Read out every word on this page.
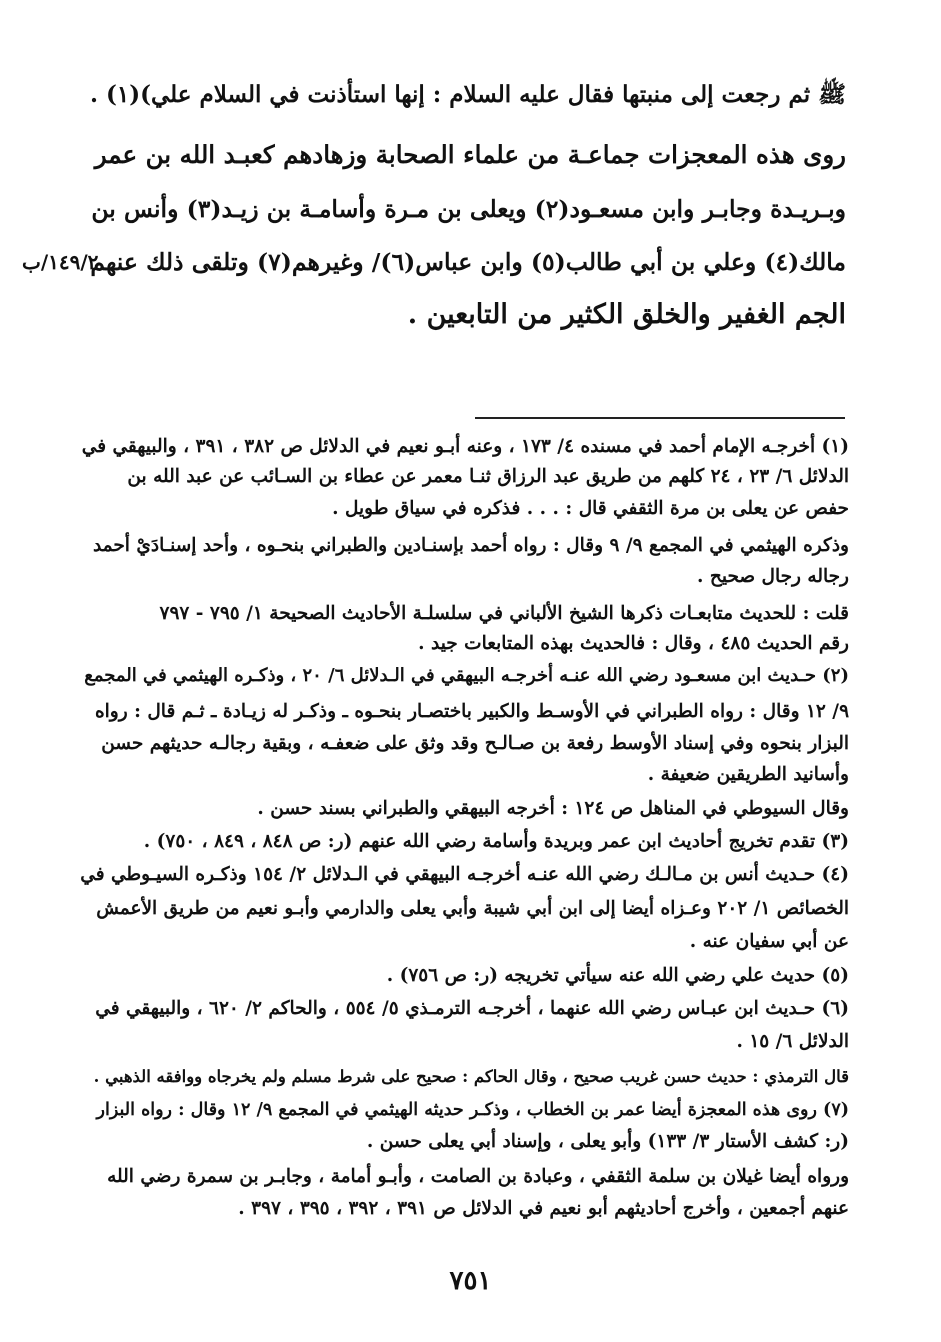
ﷺ ثم رجعت إلى منبتها فقال عليه السلام : إنها استأذنت في السلام علي)(١) .
روى هذه المعجزات جماعـة من علماء الصحابة وزهادهم كعبـد الله بن عمر
وبـريـدة وجابـر وابن مسعـود(٢) ويعلى بن مـرة وأسامـة بن زيـد(٣) وأنس بن
مالك(٤) وعلي بن أبي طالب(٥) وابن عباس(٦)/ وغيرهم(٧) وتلقى ذلك عنهم
الجم الغفير والخلق الكثير من التابعين .
١٤٩/٢/ب
(١) أخرجـه الإمام أحمد في مسنده ٤/ ١٧٣ ، وعنه أبـو نعيم في الدلائل ص ٣٨٢ ، ٣٩١ ، والبيهقي في
الدلائل ٦/ ٢٣ ، ٢٤ كلهم من طريق عبد الرزاق ثنـا معمر عن عطاء بن السـائب عن عبد الله بن
حفص عن يعلى بن مرة الثقفي قال : . . . فذكره في سياق طويل .
وذكره الهيثمي في المجمع ٩/ ٩ وقال : رواه أحمد بإسنـادين والطبراني بنحـوه ، وأحد إسنـادَيْ أحمد
رجاله رجال صحيح .
قلت : للحديث متابعـات ذكرها الشيخ الألباني في سلسلـة الأحاديث الصحيحة ١/ ٧٩٥ - ٧٩٧
رقم الحديث ٤٨٥ ، وقال : فالحديث بهذه المتابعات جيد .
(٢) حـديث ابن مسعـود رضي الله عنـه أخرجـه البيهقي في الـدلائل ٦/ ٢٠ ، وذكـره الهيثمي في المجمع
٩/ ١٢ وقال : رواه الطبراني في الأوسـط والكبير باختصـار بنحـوه ـ وذكـر له زيـادة ـ ثـم قال : رواه
البزار بنحوه وفي إسناد الأوسط رفعة بن صـالـح وقد وثق على ضعفـه ، وبقية رجالـه حديثهم حسن
وأسانيد الطريقين ضعيفة .
وقال السيوطي في المناهل ص ١٢٤ : أخرجه البيهقي والطبراني بسند حسن .
(٣) تقدم تخريج أحاديث ابن عمر وبريدة وأسامة رضي الله عنهم (ر: ص ٨٤٨ ، ٨٤٩ ، ٧٥٠) .
(٤) حـديث أنس بن مـالـك رضي الله عنـه أخرجـه البيهقي في الـدلائل ٢/ ١٥٤ وذكـره السيـوطي في
الخصائص ١/ ٢٠٢ وعـزاه أيضا إلى ابن أبي شيبة وأبي يعلى والدارمي وأبـو نعيم من طريق الأعمش
عن أبي سفيان عنه .
(٥) حديث علي رضي الله عنه سيأتي تخريجه (ر: ص ٧٥٦) .
(٦) حـديث ابن عبـاس رضي الله عنهما ، أخرجـه الترمـذي ٥/ ٥٥٤ ، والحاكم ٢/ ٦٢٠ ، والبيهقي في
الدلائل ٦/ ١٥ .
قال الترمذي : حديث حسن غريب صحيح ، وقال الحاكم : صحيح على شرط مسلم ولم يخرجاه ووافقه الذهبي .
(٧) روى هذه المعجزة أيضا عمر بن الخطاب ، وذكـر حديثه الهيثمي في المجمع ٩/ ١٢ وقال : رواه البزار
(ر: كشف الأستار ٣/ ١٣٣) وأبو يعلى ، وإسناد أبي يعلى حسن .
ورواه أيضا غيلان بن سلمة الثقفي ، وعبادة بن الصامت ، وأبـو أمامة ، وجابـر بن سمرة رضي الله
عنهم أجمعين ، وأخرج أحاديثهم أبو نعيم في الدلائل ص ٣٩١ ، ٣٩٢ ، ٣٩٥ ، ٣٩٧ .
٧٥١
